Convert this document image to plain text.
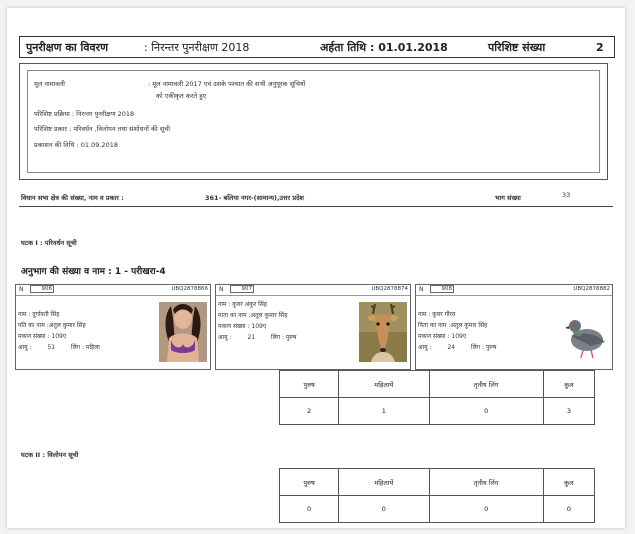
पुनरीक्षण का विवरण	: निरन्तर पुनरीक्षण 2018	अर्हता तिथि : 01.01.2018	परिशिष्ट संख्या	2
मूल नामावली	: मूल नामावली 2017 एवं उसके पश्चात की सभी अनुपूरक सूचियों
को एकीकृत करते हुए
परिशिष्ट प्रक्रिया : निरन्तर पुनरीक्षण 2018
परिशिष्ट प्रकार : परिवर्धन ,विलोपन तथा संशोधनों की सूची
प्रकाशन की तिथि : 01.09.2018
विधान सभा क्षेत्र की संख्या, नाम व प्रकार :	361- बलिया नगर-(सामान्य),उत्तर प्रदेश	भाग संख्या	33
घटक I : परिवर्धन सूची
अनुभाग की संख्या व नाम : 1 - परीखरा-4
N	906	UBQ2878866
नाम : दुर्गावती सिंह
पति का नाम :अतुल कुमार सिंह
मकान संख्या : 109ए
आयु :	51	लिंग : महिला
N	907	UBQ2878874
नाम : कुवर अंकुर सिंह
माता का नाम :अतुल कुमार सिंह
मकान संख्या : 109ए
आयु :	21	लिंग : पुरुष
N	908	UBQ2878882
नाम : कुवर गौरव
पिता का नाम :अतुल कुमार सिंह
मकान संख्या : 109ए
आयु :	24	लिंग : पुरुष
पुरुष	महिलायें	तृतीय लिंग	कुल
2	1	0	3
घटक II : विलोपन सूची
पुरुष	महिलायें	तृतीय लिंग	कुल
0	0	0	0
